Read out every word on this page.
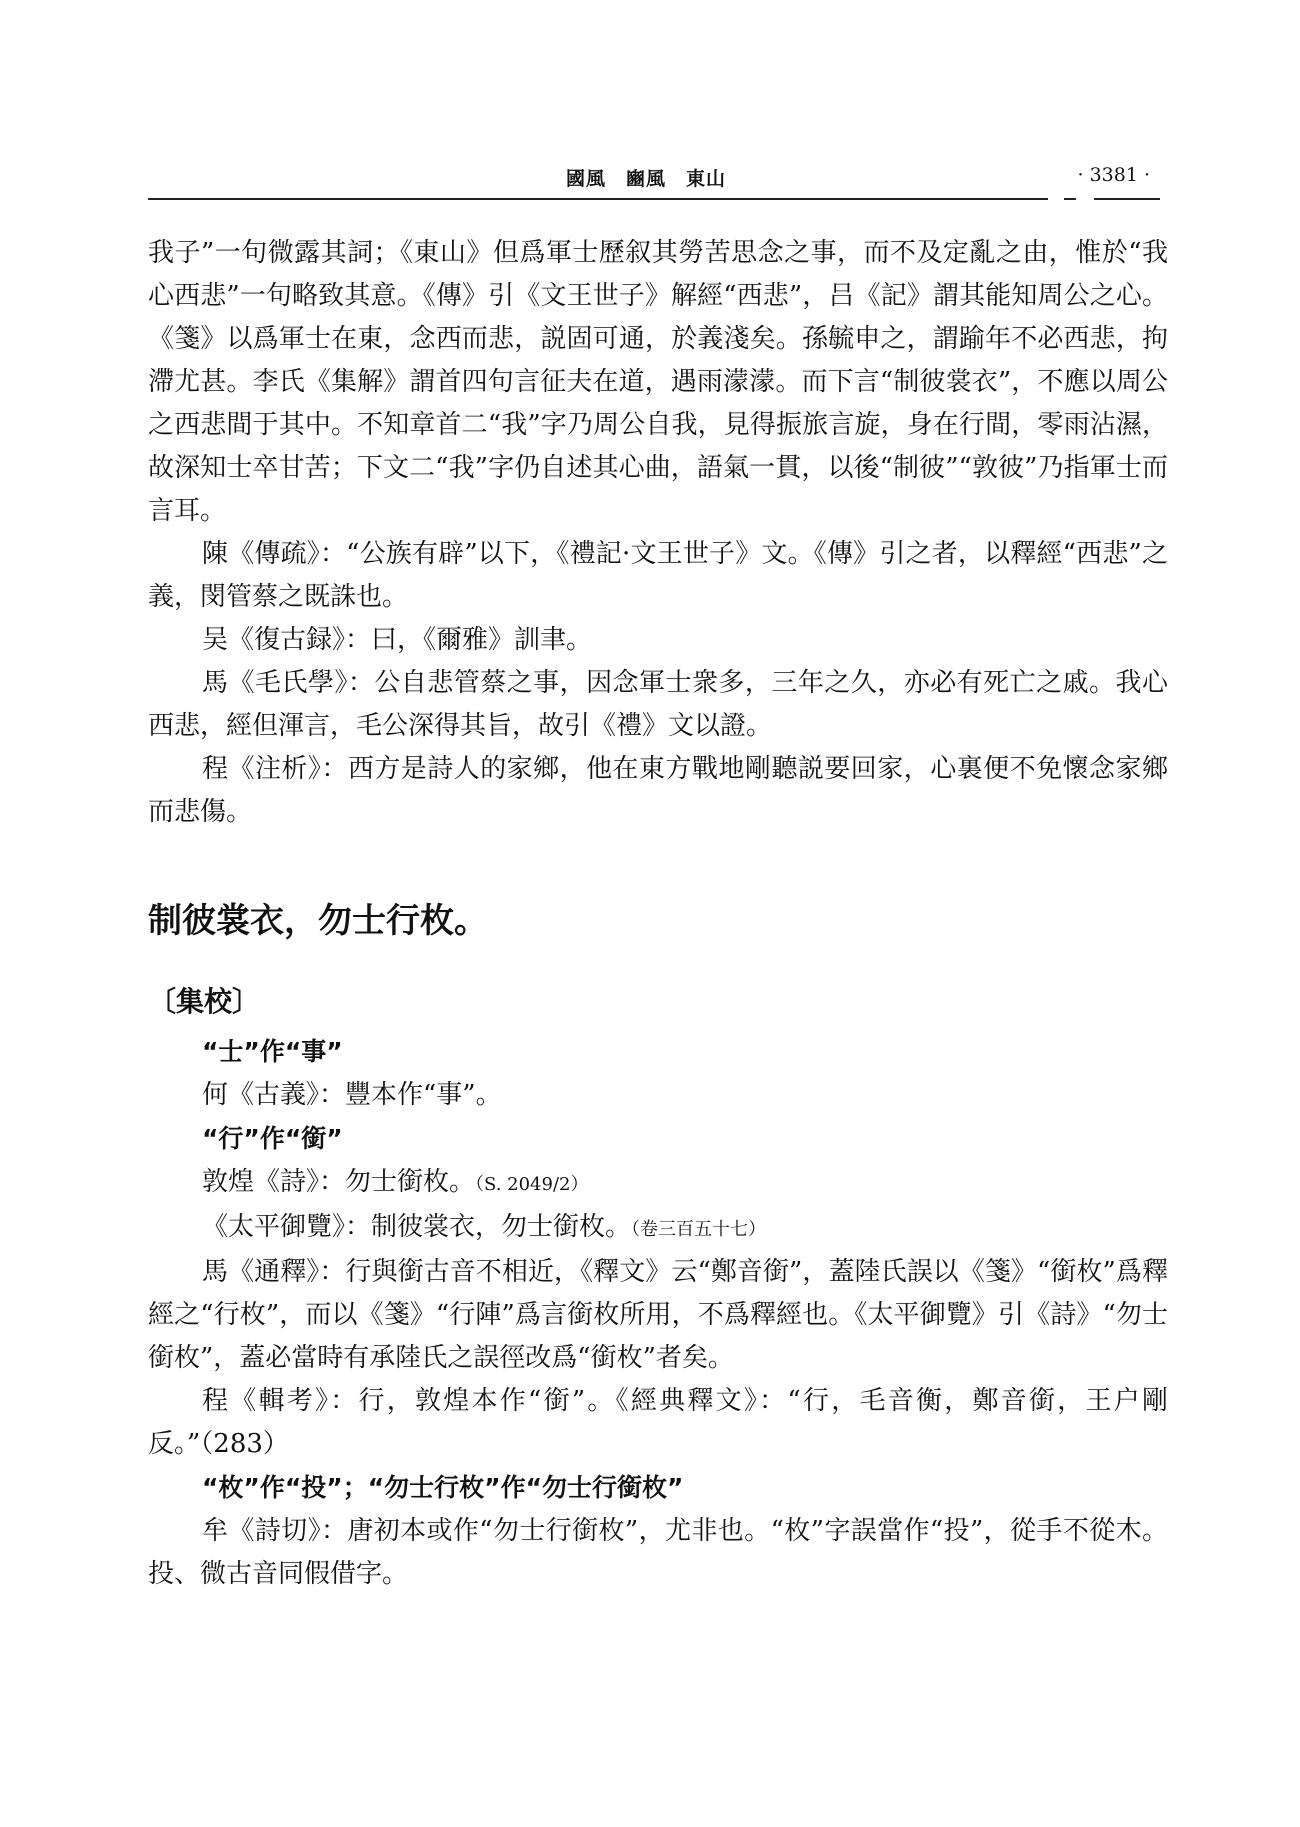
國風　豳風　東山	· 3381 ·

我子”一句微露其詞；《東山》但爲軍士歷叙其勞苦思念之事，而不及定亂之由，惟於“我心西悲”一句略致其意。《傳》引《文王世子》解經“西悲”，吕《記》謂其能知周公之心。《箋》以爲軍士在東，念西而悲，説固可通，於義淺矣。孫毓申之，謂踰年不必西悲，拘滯尤甚。李氏《集解》謂首四句言征夫在道，遇雨濛濛。而下言“制彼裳衣”，不應以周公之西悲間于其中。不知章首二“我”字乃周公自我，見得振旅言旋，身在行間，零雨沾濕，故深知士卒甘苦；下文二“我”字仍自述其心曲，語氣一貫，以後“制彼”“敦彼”乃指軍士而言耳。

陳《傳疏》：“公族有辟”以下，《禮記·文王世子》文。《傳》引之者，以釋經“西悲”之義，閔管蔡之既誅也。

吴《復古録》：曰，《爾雅》訓聿。

馬《毛氏學》：公自悲管蔡之事，因念軍士衆多，三年之久，亦必有死亡之戚。我心西悲，經但渾言，毛公深得其旨，故引《禮》文以證。

程《注析》：西方是詩人的家鄉，他在東方戰地剛聽説要回家，心裏便不免懷念家鄉而悲傷。

制彼裳衣，勿士行枚。
〔集校〕

“士”作“事”

何《古義》：豐本作“事”。

“行”作“銜”

敦煌《詩》：勿士銜枚。（S. 2049/2）

《太平御覽》：制彼裳衣，勿士銜枚。（卷三百五十七）

馬《通釋》：行與銜古音不相近，《釋文》云“鄭音銜”，蓋陸氏誤以《箋》“銜枚”爲釋經之“行枚”，而以《箋》“行陣”爲言銜枚所用，不爲釋經也。《太平御覽》引《詩》“勿士銜枚”，蓋必當時有承陸氏之誤徑改爲“銜枚”者矣。

程《輯考》：行，敦煌本作“銜”。《經典釋文》：“行，毛音衡，鄭音銜，王户剛反。”（283）

“枚”作“投”；“勿士行枚”作“勿士行銜枚”

牟《詩切》：唐初本或作“勿士行銜枚”，尤非也。“枚”字誤當作“投”，從手不從木。投、微古音同假借字。
